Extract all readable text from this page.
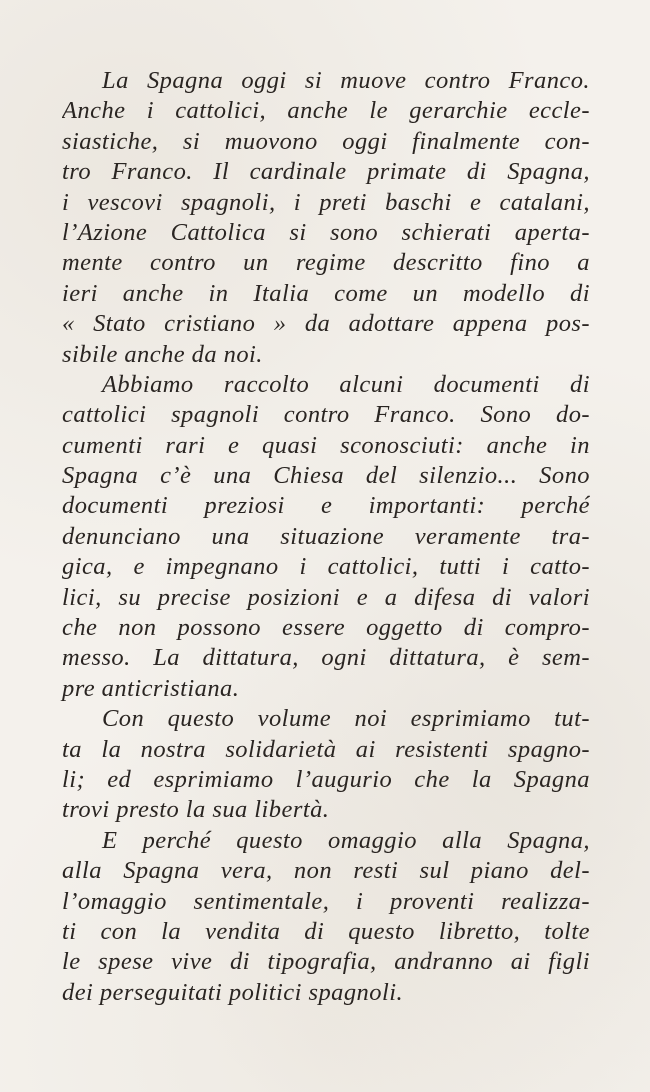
La Spagna oggi si muove contro Franco.
Anche i cattolici, anche le gerarchie eccle-
siastiche, si muovono oggi finalmente con-
tro Franco. Il cardinale primate di Spagna,
i vescovi spagnoli, i preti baschi e catalani,
l’Azione Cattolica si sono schierati aperta-
mente contro un regime descritto fino a
ieri anche in Italia come un modello di
« Stato cristiano » da adottare appena pos-
sibile anche da noi.
Abbiamo raccolto alcuni documenti di
cattolici spagnoli contro Franco. Sono do-
cumenti rari e quasi sconosciuti: anche in
Spagna c’è una Chiesa del silenzio... Sono
documenti preziosi e importanti: perché
denunciano una situazione veramente tra-
gica, e impegnano i cattolici, tutti i catto-
lici, su precise posizioni e a difesa di valori
che non possono essere oggetto di compro-
messo. La dittatura, ogni dittatura, è sem-
pre anticristiana.
Con questo volume noi esprimiamo tut-
ta la nostra solidarietà ai resistenti spagno-
li; ed esprimiamo l’augurio che la Spagna
trovi presto la sua libertà.
E perché questo omaggio alla Spagna,
alla Spagna vera, non resti sul piano del-
l’omaggio sentimentale, i proventi realizza-
ti con la vendita di questo libretto, tolte
le spese vive di tipografia, andranno ai figli
dei perseguitati politici spagnoli.
